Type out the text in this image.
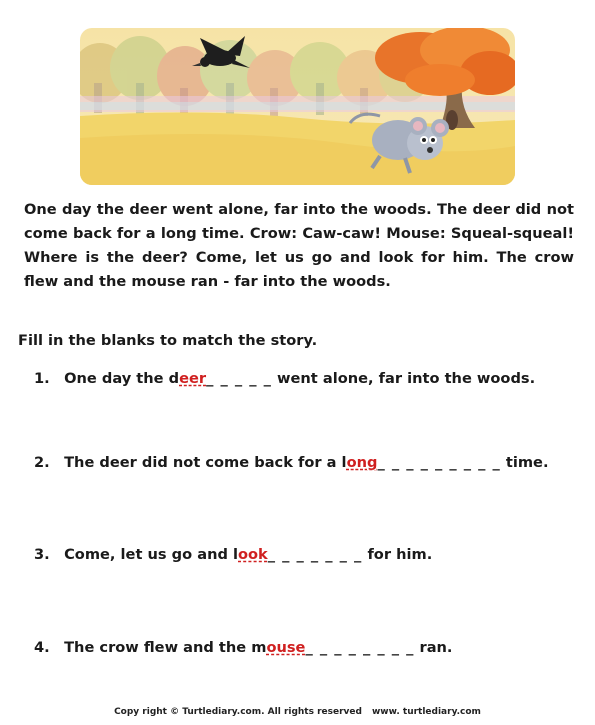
One day the deer went alone, far into the woods. The deer did not come back for a long time. Crow: Caw-caw! Mouse: Squeal-squeal! Where is the deer? Come, let us go and look for him. The crow flew and the mouse ran - far into the woods.
Fill in the blanks to match the story.
1. One day the deer_ _ _ _ _ went alone, far into the woods.
2. The deer did not come back for a long_ _ _ _ _ _ _ _ _ time.
3. Come, let us go and look_ _ _ _ _ _ _ for him.
4. The crow flew and the mouse_ _ _ _ _ _ _ _ ran.
Copy right © Turtlediary.com. All rights reserved www. turtlediary.com
